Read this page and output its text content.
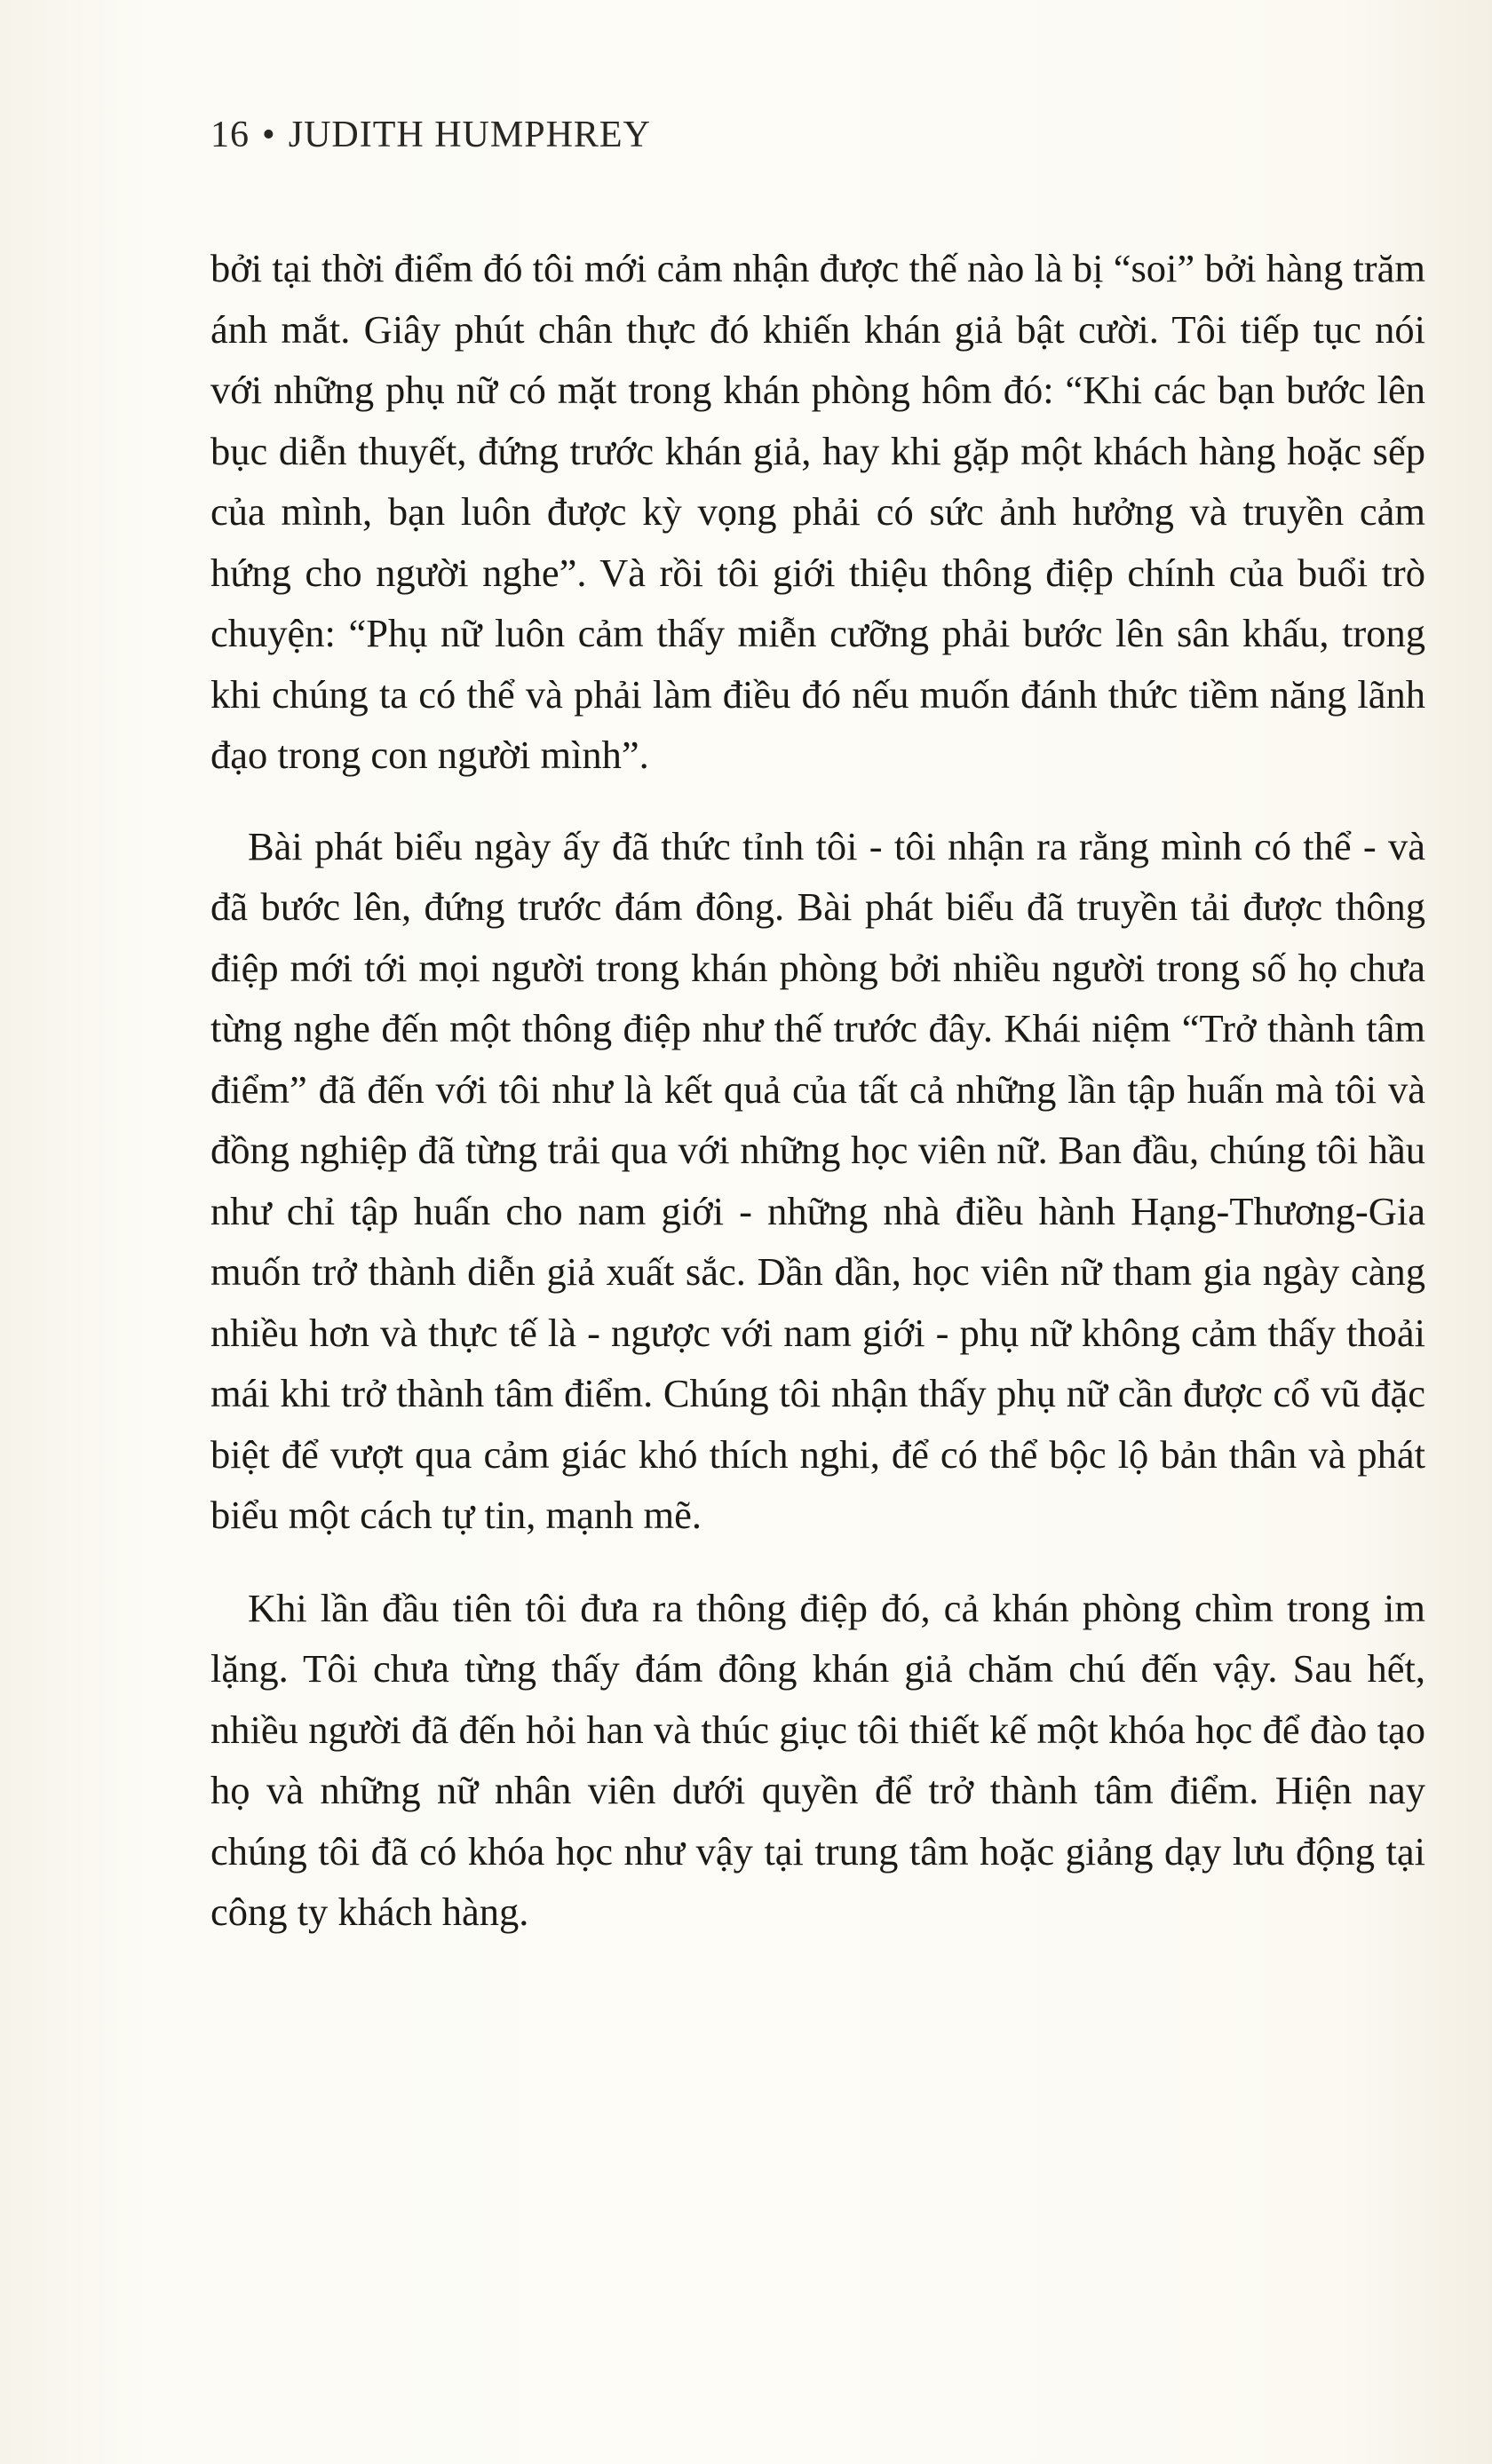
16 • JUDITH HUMPHREY

bởi tại thời điểm đó tôi mới cảm nhận được thế nào là bị “soi” bởi hàng trăm ánh mắt. Giây phút chân thực đó khiến khán giả bật cười. Tôi tiếp tục nói với những phụ nữ có mặt trong khán phòng hôm đó: “Khi các bạn bước lên bục diễn thuyết, đứng trước khán giả, hay khi gặp một khách hàng hoặc sếp của mình, bạn luôn được kỳ vọng phải có sức ảnh hưởng và truyền cảm hứng cho người nghe”. Và rồi tôi giới thiệu thông điệp chính của buổi trò chuyện: “Phụ nữ luôn cảm thấy miễn cưỡng phải bước lên sân khấu, trong khi chúng ta có thể và phải làm điều đó nếu muốn đánh thức tiềm năng lãnh đạo trong con người mình”.

Bài phát biểu ngày ấy đã thức tỉnh tôi - tôi nhận ra rằng mình có thể - và đã bước lên, đứng trước đám đông. Bài phát biểu đã truyền tải được thông điệp mới tới mọi người trong khán phòng bởi nhiều người trong số họ chưa từng nghe đến một thông điệp như thế trước đây. Khái niệm “Trở thành tâm điểm” đã đến với tôi như là kết quả của tất cả những lần tập huấn mà tôi và đồng nghiệp đã từng trải qua với những học viên nữ. Ban đầu, chúng tôi hầu như chỉ tập huấn cho nam giới - những nhà điều hành Hạng-Thương-Gia muốn trở thành diễn giả xuất sắc. Dần dần, học viên nữ tham gia ngày càng nhiều hơn và thực tế là - ngược với nam giới - phụ nữ không cảm thấy thoải mái khi trở thành tâm điểm. Chúng tôi nhận thấy phụ nữ cần được cổ vũ đặc biệt để vượt qua cảm giác khó thích nghi, để có thể bộc lộ bản thân và phát biểu một cách tự tin, mạnh mẽ.

Khi lần đầu tiên tôi đưa ra thông điệp đó, cả khán phòng chìm trong im lặng. Tôi chưa từng thấy đám đông khán giả chăm chú đến vậy. Sau hết, nhiều người đã đến hỏi han và thúc giục tôi thiết kế một khóa học để đào tạo họ và những nữ nhân viên dưới quyền để trở thành tâm điểm. Hiện nay chúng tôi đã có khóa học như vậy tại trung tâm hoặc giảng dạy lưu động tại công ty khách hàng.
